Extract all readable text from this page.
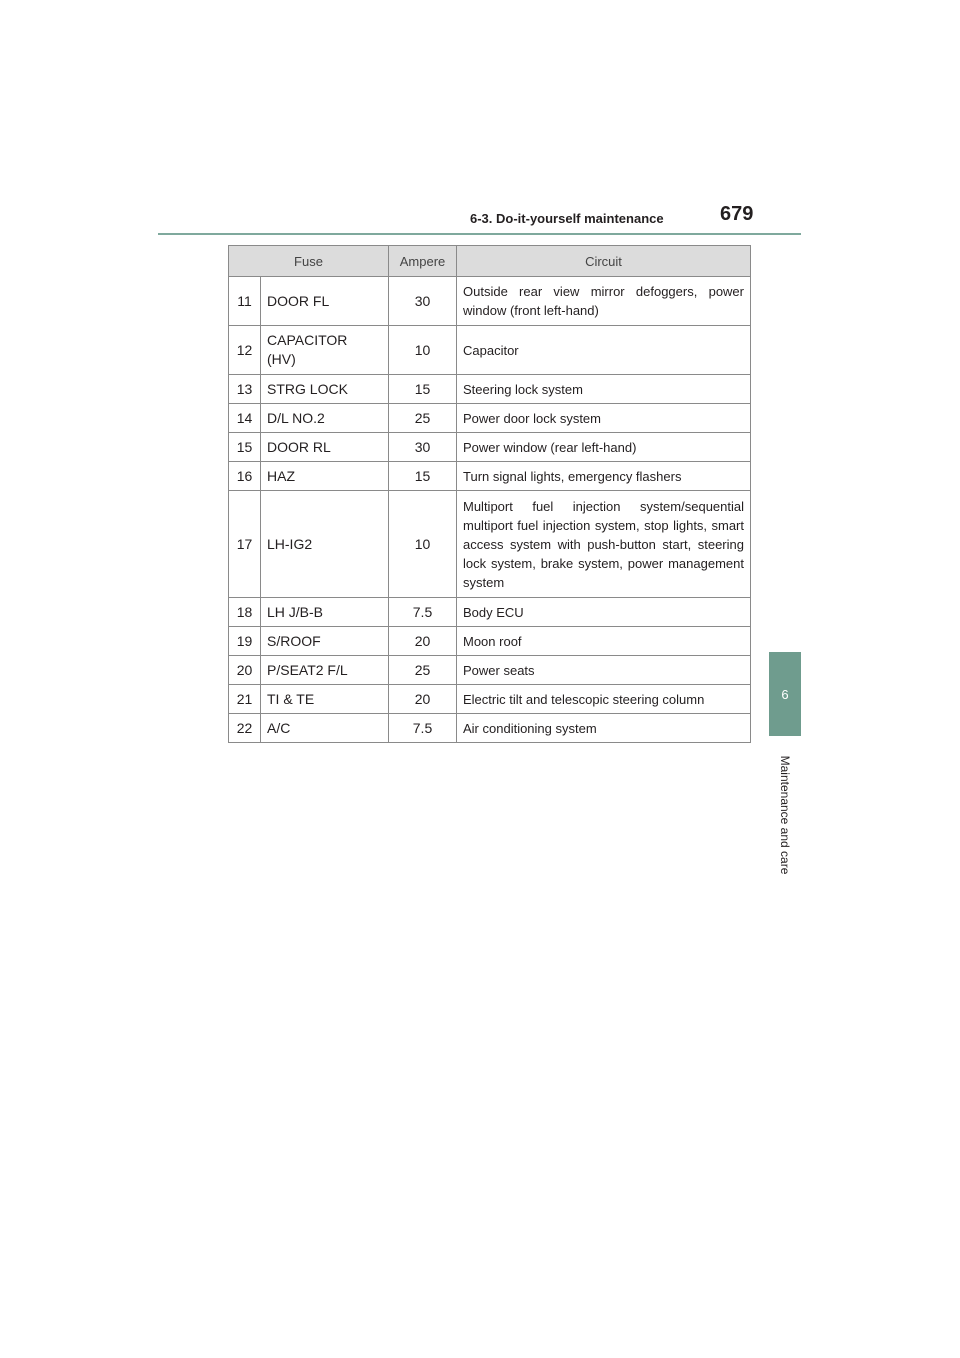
6-3. Do-it-yourself maintenance	679
6
Maintenance and care
Fuse		Ampere	Circuit
11	DOOR FL	30	Outside rear view mirror defoggers, power window (front left-hand)
12	CAPACITOR (HV)	10	Capacitor
13	STRG LOCK	15	Steering lock system
14	D/L NO.2	25	Power door lock system
15	DOOR RL	30	Power window (rear left-hand)
16	HAZ	15	Turn signal lights, emergency flashers
17	LH-IG2	10	Multiport fuel injection system/sequential multiport fuel injection system, stop lights, smart access system with push-button start, steering lock system, brake system, power management system
18	LH J/B-B	7.5	Body ECU
19	S/ROOF	20	Moon roof
20	P/SEAT2 F/L	25	Power seats
21	TI & TE	20	Electric tilt and telescopic steering column
22	A/C	7.5	Air conditioning system
